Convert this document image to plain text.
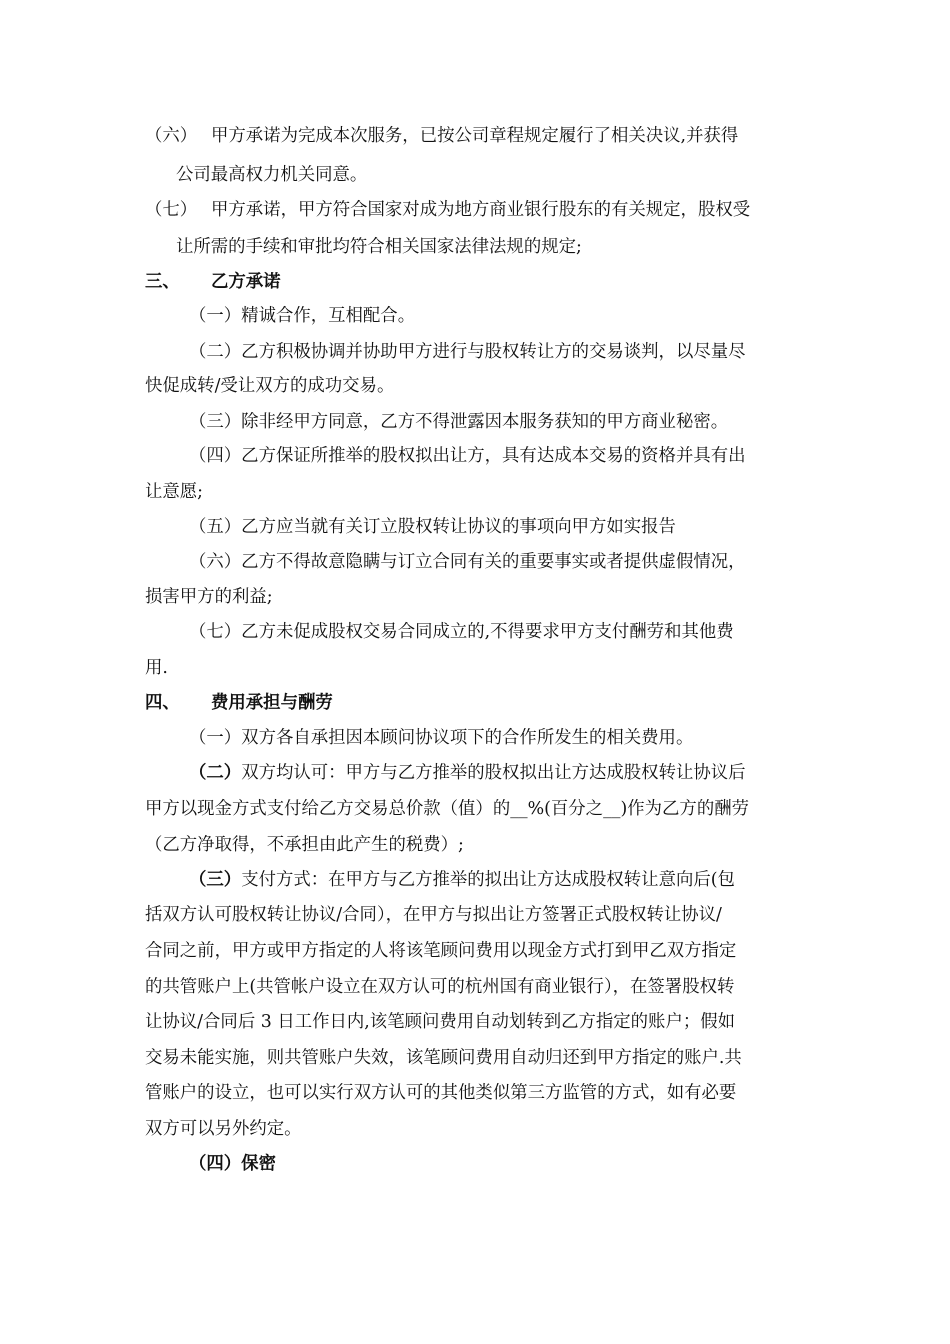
（六） 甲方承诺为完成本次服务，已按公司章程规定履行了相关决议,并获得
公司最高权力机关同意。
（七） 甲方承诺，甲方符合国家对成为地方商业银行股东的有关规定，股权受
让所需的手续和审批均符合相关国家法律法规的规定;
三、 乙方承诺
（一）精诚合作，互相配合。
（二）乙方积极协调并协助甲方进行与股权转让方的交易谈判，以尽量尽
快促成转/受让双方的成功交易。
（三）除非经甲方同意，乙方不得泄露因本服务获知的甲方商业秘密。
（四）乙方保证所推举的股权拟出让方，具有达成本交易的资格并具有出
让意愿;
（五）乙方应当就有关订立股权转让协议的事项向甲方如实报告
（六）乙方不得故意隐瞒与订立合同有关的重要事实或者提供虚假情况，
损害甲方的利益;
（七）乙方未促成股权交易合同成立的,不得要求甲方支付酬劳和其他费
用.
四、 费用承担与酬劳
（一）双方各自承担因本顾问协议项下的合作所发生的相关费用。
（二）双方均认可：甲方与乙方推举的股权拟出让方达成股权转让协议后
甲方以现金方式支付给乙方交易总价款（值）的__%(百分之__)作为乙方的酬劳
（乙方净取得，不承担由此产生的税费）;
（三）支付方式：在甲方与乙方推举的拟出让方达成股权转让意向后(包
括双方认可股权转让协议/合同），在甲方与拟出让方签署正式股权转让协议/
合同之前，甲方或甲方指定的人将该笔顾问费用以现金方式打到甲乙双方指定
的共管账户上(共管帐户设立在双方认可的杭州国有商业银行），在签署股权转
让协议/合同后 3 日工作日内,该笔顾问费用自动划转到乙方指定的账户；假如
交易未能实施，则共管账户失效，该笔顾问费用自动归还到甲方指定的账户.共
管账户的设立，也可以实行双方认可的其他类似第三方监管的方式，如有必要
双方可以另外约定。
（四）保密
